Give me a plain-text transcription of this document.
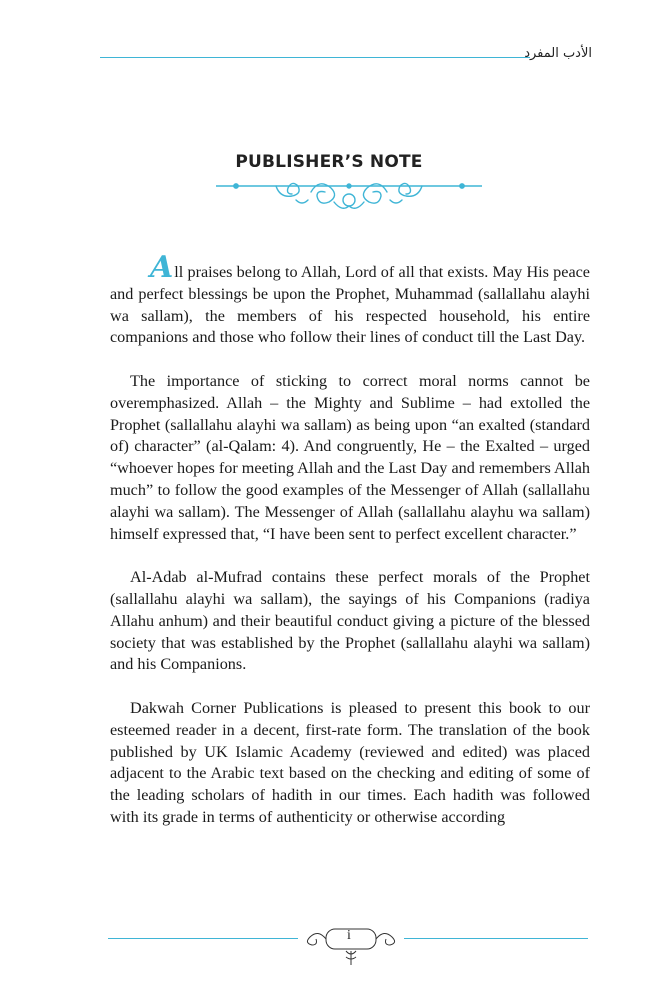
الأدب المفرد
PUBLISHER’S NOTE

All praises belong to Allah, Lord of all that exists. May His peace and perfect blessings be upon the Prophet, Muhammad (sallallahu alayhi wa sallam), the members of his respected household, his entire companions and those who follow their lines of conduct till the Last Day.

The importance of sticking to correct moral norms cannot be overemphasized. Allah – the Mighty and Sublime – had extolled the Prophet (sallallahu alayhi wa sallam) as being upon “an exalted (standard of) character” (al-Qalam: 4). And congruently, He – the Exalted – urged “whoever hopes for meeting Allah and the Last Day and remembers Allah much” to follow the good examples of the Messenger of Allah (sallallahu alayhi wa sallam). The Messenger of Allah (sallallahu alayhu wa sallam) himself expressed that, “I have been sent to perfect excellent character.”

Al-Adab al-Mufrad contains these perfect morals of the Prophet (sallallahu alayhi wa sallam), the sayings of his Companions (radiya Allahu anhum) and their beautiful conduct giving a picture of the blessed society that was established by the Prophet (sallallahu alayhi wa sallam) and his Companions.

Dakwah Corner Publications is pleased to present this book to our esteemed reader in a decent, first-rate form. The translation of the book published by UK Islamic Academy (reviewed and edited) was placed adjacent to the Arabic text based on the checking and editing of some of the leading scholars of hadith in our times. Each hadith was followed with its grade in terms of authenticity or otherwise according

i
